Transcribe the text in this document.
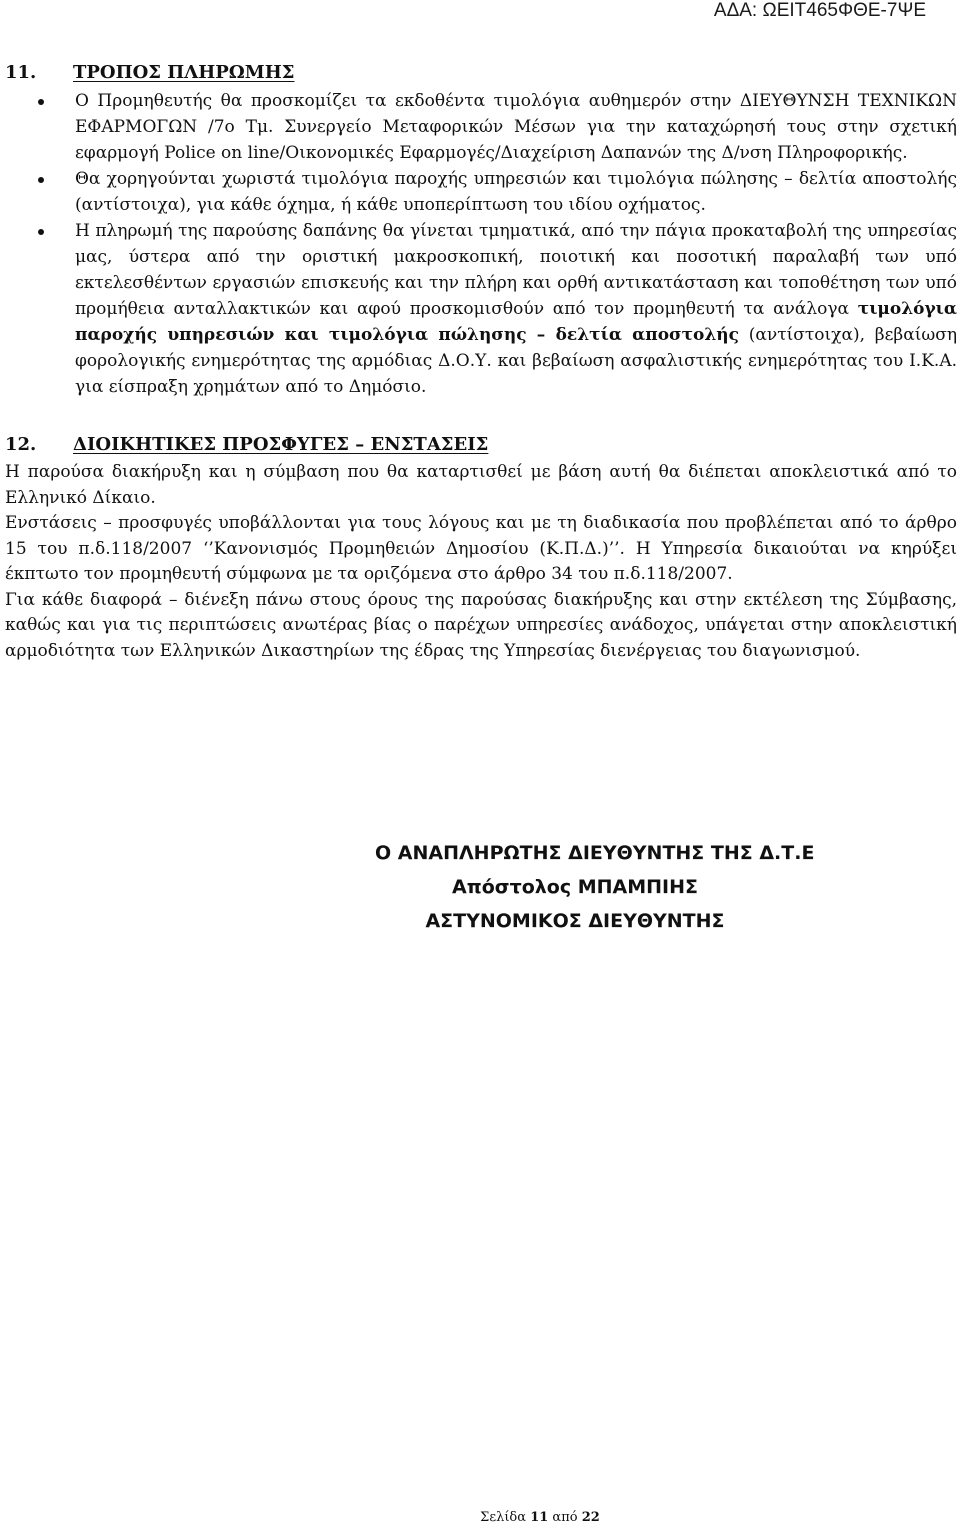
ΑΔΑ: ΩΕΙΤ465ΦΘΕ-7ΨΕ
11.	ΤΡΟΠΟΣ ΠΛΗΡΩΜΗΣ
Ο Προμηθευτής θα προσκομίζει τα εκδοθέντα τιμολόγια αυθημερόν στην ΔΙΕΥΘΥΝΣΗ ΤΕΧΝΙΚΩΝ ΕΦΑΡΜΟΓΩΝ /7ο Τμ. Συνεργείο Μεταφορικών Μέσων για την καταχώρησή τους στην σχετική εφαρμογή Police on line/Οικονομικές Εφαρμογές/Διαχείριση Δαπανών της Δ/νση Πληροφορικής.
Θα χορηγούνται χωριστά τιμολόγια παροχής υπηρεσιών και τιμολόγια πώλησης – δελτία αποστολής (αντίστοιχα), για κάθε όχημα, ή κάθε υποπερίπτωση του ιδίου οχήματος.
Η πληρωμή της παρούσης δαπάνης θα γίνεται τμηματικά, από την πάγια προκαταβολή της υπηρεσίας μας, ύστερα από την οριστική μακροσκοπική, ποιοτική και ποσοτική παραλαβή των υπό εκτελεσθέντων εργασιών επισκευής και την πλήρη και ορθή αντικατάσταση και τοποθέτηση των υπό προμήθεια ανταλλακτικών και αφού προσκομισθούν από τον προμηθευτή τα ανάλογα τιμολόγια παροχής υπηρεσιών και τιμολόγια πώλησης – δελτία αποστολής (αντίστοιχα), βεβαίωση φορολογικής ενημερότητας της αρμόδιας Δ.Ο.Υ. και βεβαίωση ασφαλιστικής ενημερότητας του Ι.Κ.Α. για είσπραξη χρημάτων από το Δημόσιο.
12.	ΔΙΟΙΚΗΤΙΚΕΣ ΠΡΟΣΦΥΓΕΣ – ΕΝΣΤΑΣΕΙΣ

Η παρούσα διακήρυξη και η σύμβαση που θα καταρτισθεί με βάση αυτή θα διέπεται αποκλειστικά από το Ελληνικό Δίκαιο.

Ενστάσεις – προσφυγές υποβάλλονται για τους λόγους και με τη διαδικασία που προβλέπεται από το άρθρο 15 του π.δ.118/2007 ‘’Κανονισμός Προμηθειών Δημοσίου (Κ.Π.Δ.)’’. Η Υπηρεσία δικαιούται να κηρύξει έκπτωτο τον προμηθευτή σύμφωνα με τα οριζόμενα στο άρθρο 34 του π.δ.118/2007.

Για κάθε διαφορά – διένεξη πάνω στους όρους της παρούσας διακήρυξης και στην εκτέλεση της Σύμβασης, καθώς και για τις περιπτώσεις ανωτέρας βίας ο παρέχων υπηρεσίες ανάδοχος, υπάγεται στην αποκλειστική αρμοδιότητα των Ελληνικών Δικαστηρίων της έδρας της Υπηρεσίας διενέργειας του διαγωνισμού.

Ο ΑΝΑΠΛΗΡΩΤΗΣ ΔΙΕΥΘΥΝΤΗΣ ΤΗΣ Δ.Τ.Ε
Απόστολος ΜΠΑΜΠΙΗΣ
ΑΣΤΥΝΟΜΙΚΟΣ ΔΙΕΥΘΥΝΤΗΣ
Σελίδα 11 από 22
